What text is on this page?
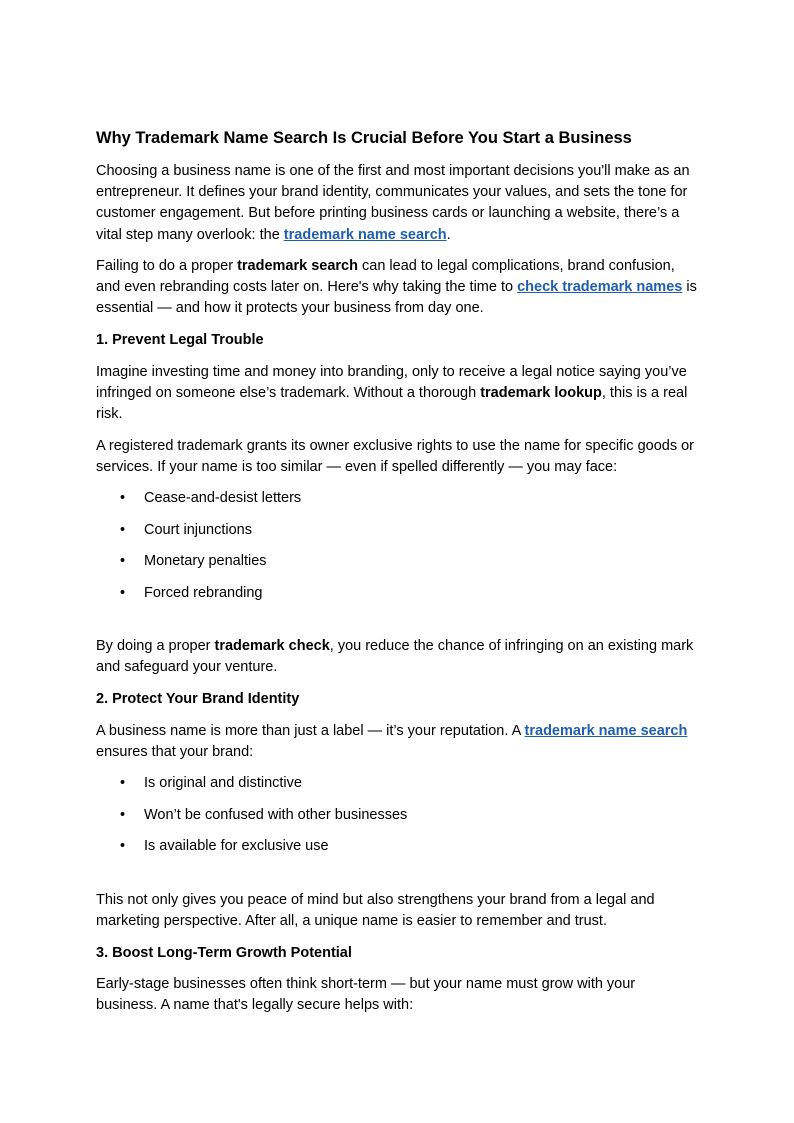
Why Trademark Name Search Is Crucial Before You Start a Business

Choosing a business name is one of the first and most important decisions you'll make as an entrepreneur. It defines your brand identity, communicates your values, and sets the tone for customer engagement. But before printing business cards or launching a website, there’s a vital step many overlook: the trademark name search.

Failing to do a proper trademark search can lead to legal complications, brand confusion, and even rebranding costs later on. Here's why taking the time to check trademark names is essential — and how it protects your business from day one.

1. Prevent Legal Trouble

Imagine investing time and money into branding, only to receive a legal notice saying you’ve infringed on someone else’s trademark. Without a thorough trademark lookup, this is a real risk.

A registered trademark grants its owner exclusive rights to use the name for specific goods or services. If your name is too similar — even if spelled differently — you may face:

• Cease-and-desist letters
• Court injunctions
• Monetary penalties
• Forced rebranding

By doing a proper trademark check, you reduce the chance of infringing on an existing mark and safeguard your venture.

2. Protect Your Brand Identity

A business name is more than just a label — it’s your reputation. A trademark name search ensures that your brand:

• Is original and distinctive
• Won’t be confused with other businesses
• Is available for exclusive use

This not only gives you peace of mind but also strengthens your brand from a legal and marketing perspective. After all, a unique name is easier to remember and trust.

3. Boost Long-Term Growth Potential

Early-stage businesses often think short-term — but your name must grow with your business. A name that's legally secure helps with:
